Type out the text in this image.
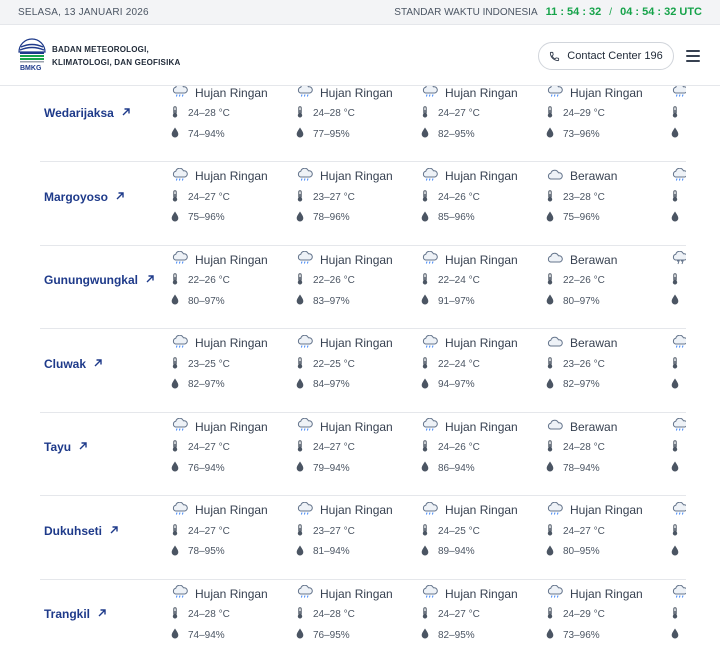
SELASA, 13 JANUARI 2026	STANDAR WAKTU INDONESIA 11 : 54 : 32 / 04 : 54 : 32 UTC
BMKG
BADAN METEOROLOGI,
KLIMATOLOGI, DAN GEOFISIKA
Contact Center 196
Wedarijaksa
Hujan Ringan
24–28 °C
74–94%
Hujan Ringan
24–28 °C
77–95%
Hujan Ringan
24–27 °C
82–95%
Hujan Ringan
24–29 °C
73–96%
Margoyoso
Hujan Ringan
24–27 °C
75–96%
Hujan Ringan
23–27 °C
78–96%
Hujan Ringan
24–26 °C
85–96%
Berawan
23–28 °C
75–96%
Gunungwungkal
Hujan Ringan
22–26 °C
80–97%
Hujan Ringan
22–26 °C
83–97%
Hujan Ringan
22–24 °C
91–97%
Berawan
22–26 °C
80–97%
Cluwak
Hujan Ringan
23–25 °C
82–97%
Hujan Ringan
22–25 °C
84–97%
Hujan Ringan
22–24 °C
94–97%
Berawan
23–26 °C
82–97%
Tayu
Hujan Ringan
24–27 °C
76–94%
Hujan Ringan
24–27 °C
79–94%
Hujan Ringan
24–26 °C
86–94%
Berawan
24–28 °C
78–94%
Dukuhseti
Hujan Ringan
24–27 °C
78–95%
Hujan Ringan
23–27 °C
81–94%
Hujan Ringan
24–25 °C
89–94%
Hujan Ringan
24–27 °C
80–95%
Trangkil
Hujan Ringan
24–28 °C
74–94%
Hujan Ringan
24–28 °C
76–95%
Hujan Ringan
24–27 °C
82–95%
Hujan Ringan
24–29 °C
73–96%
